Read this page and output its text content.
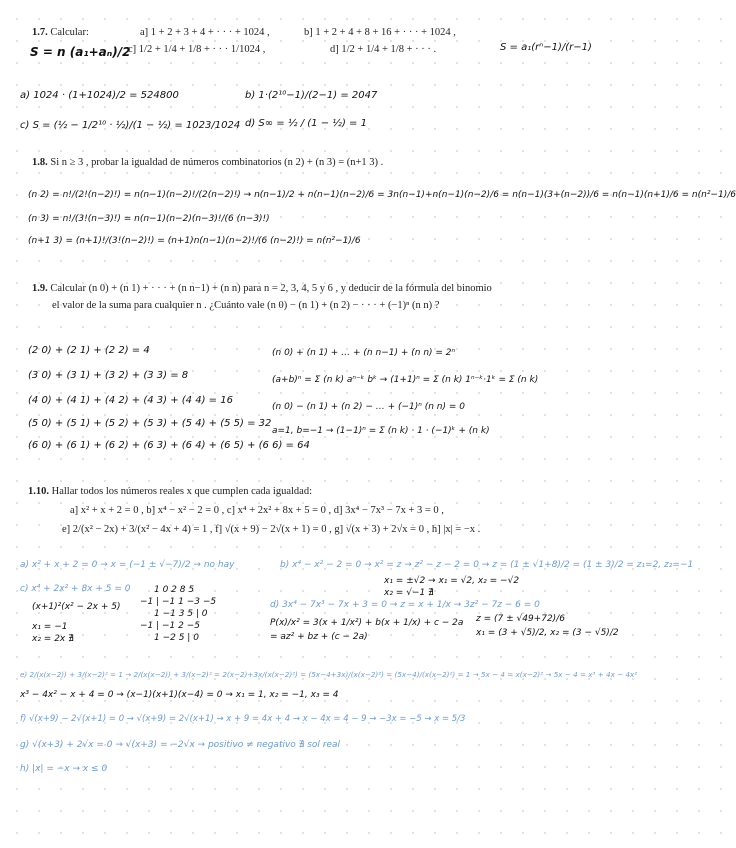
1.7. Calcular:	a] 1 + 2 + 3 + 4 + · · · + 1024 ,	b] 1 + 2 + 4 + 8 + 16 + · · · + 1024 ,
c] 1/2 + 1/4 + 1/8 + · · · 1/1024 ,	d] 1/2 + 1/4 + 1/8 + · · · .
S = n (a₁+aₙ)/2	S = a₁(rⁿ−1)/(r−1)
a) 1024 · (1+1024)/2 = 524800	b) 1·(2¹⁰−1)/(2−1) = 2047
c) S = (½ − 1/2¹⁰ · ½)/(1 − ½) = 1023/1024 d) S∞ = ½ / (1 − ½) = 1
1.8. Si n ≥ 3 , probar la igualdad de números combinatorios (n 2) + (n 3) = (n+1 3) .
(n 2) = n!/(2!(n−2)!) = n(n−1)(n−2)!/(2(n−2)!) → n(n−1)/2 + n(n−1)(n−2)/6 = 3n(n−1)+n(n−1)(n−2)/6 = n(n−1)(3+(n−2))/6 = n(n−1)(n+1)/6 = n(n²−1)/6
(n 3) = n!/(3!(n−3)!) = n(n−1)(n−2)(n−3)!/(6 (n−3)!)
(n+1 3) = (n+1)!/(3!(n−2)!) = (n+1)n(n−1)(n−2)!/(6 (n−2)!) = n(n²−1)/6
1.9. Calcular (n 0) + (n 1) + · · · + (n n−1) + (n n) para n = 2, 3, 4, 5 y 6 , y deducir de la fórmula del binomio
el valor de la suma para cualquier n . ¿Cuánto vale (n 0) − (n 1) + (n 2) − · · · + (−1)ⁿ (n n) ?
(2 0) + (2 1) + (2 2) = 4
(3 0) + (3 1) + (3 2) + (3 3) = 8
(4 0) + (4 1) + (4 2) + (4 3) + (4 4) = 16
(5 0) + (5 1) + (5 2) + (5 3) + (5 4) + (5 5) = 32
(6 0) + (6 1) + (6 2) + (6 3) + (6 4) + (6 5) + (6 6) = 64
(n 0) + (n 1) + … + (n n−1) + (n n) = 2ⁿ
(a+b)ⁿ = Σ (n k) aⁿ⁻ᵏ bᵏ → (1+1)ⁿ = Σ (n k) 1ⁿ⁻ᵏ·1ᵏ = Σ (n k)
(n 0) − (n 1) + (n 2) − … + (−1)ⁿ (n n) = 0
a=1, b=−1 → (1−1)ⁿ = Σ (n k) · 1 · (−1)ᵏ + (n k)
1.10. Hallar todos los números reales x que cumplen cada igualdad:
a] x² + x + 2 = 0 , b] x⁴ − x² − 2 = 0 , c] x⁴ + 2x² + 8x + 5 = 0 , d] 3x⁴ − 7x³ − 7x + 3 = 0 ,
e] 2/(x² − 2x) + 3/(x² − 4x + 4) = 1 , f] √(x + 9) − 2√(x + 1) = 0 , g] √(x + 3) + 2√x = 0 , h] |x| = −x .
a) x² + x + 2 = 0 → x = (−1 ± √−7)/2 → no hay	b) x⁴ − x² − 2 = 0 → x² = z → z² − z − 2 = 0 → z = (1 ± √1+8)/2 = (1 ± 3)/2 = z₁=2, z₂=−1
x₁ = ±√2 → x₁ = √2, x₂ = −√2
x₂ = √−1 ∄
c) x⁴ + 2x² + 8x + 5 = 0
(x+1)²(x² − 2x + 5)
x₁ = −1
x₂ = 2x ∄
1 0 2 8 5
−1 | −1 1 −3 −5
1 −1 3 5 | 0
−1 | −1 2 −5
1 −2 5 | 0
d) 3x⁴ − 7x³ − 7x + 3 = 0 → z = x + 1/x → 3z² − 7z − 6 = 0
P(x)/x² = 3(x + 1/x²) + b(x + 1/x) + c − 2a z = (7 ± √49+72)/6
= az² + bz + (c − 2a)	x₁ = (3 + √5)/2, x₂ = (3 − √5)/2
e) 2/(x(x−2)) + 3/(x−2)² = 1 → 2/(x(x−2)) + 3/(x−2)² = 2(x−2)+3x/(x(x−2)²) = (5x−4+3x)/(x(x−2)²) = (5x−4)/(x(x−2)²) = 1 → 5x − 4 = x(x−2)² → 5x − 4 = x³ + 4x − 4x²
x³ − 4x² − x + 4 = 0 → (x−1)(x+1)(x−4) = 0 → x₁ = 1, x₂ = −1, x₃ = 4
f) √(x+9) − 2√(x+1) = 0 → √(x+9) = 2√(x+1) → x + 9 = 4x + 4 → x − 4x = 4 − 9 → −3x = −5 → x = 5/3
g) √(x+3) + 2√x = 0 → √(x+3) = −2√x → positivo ≠ negativo ∄ sol real
h) |x| = −x → x ≤ 0
